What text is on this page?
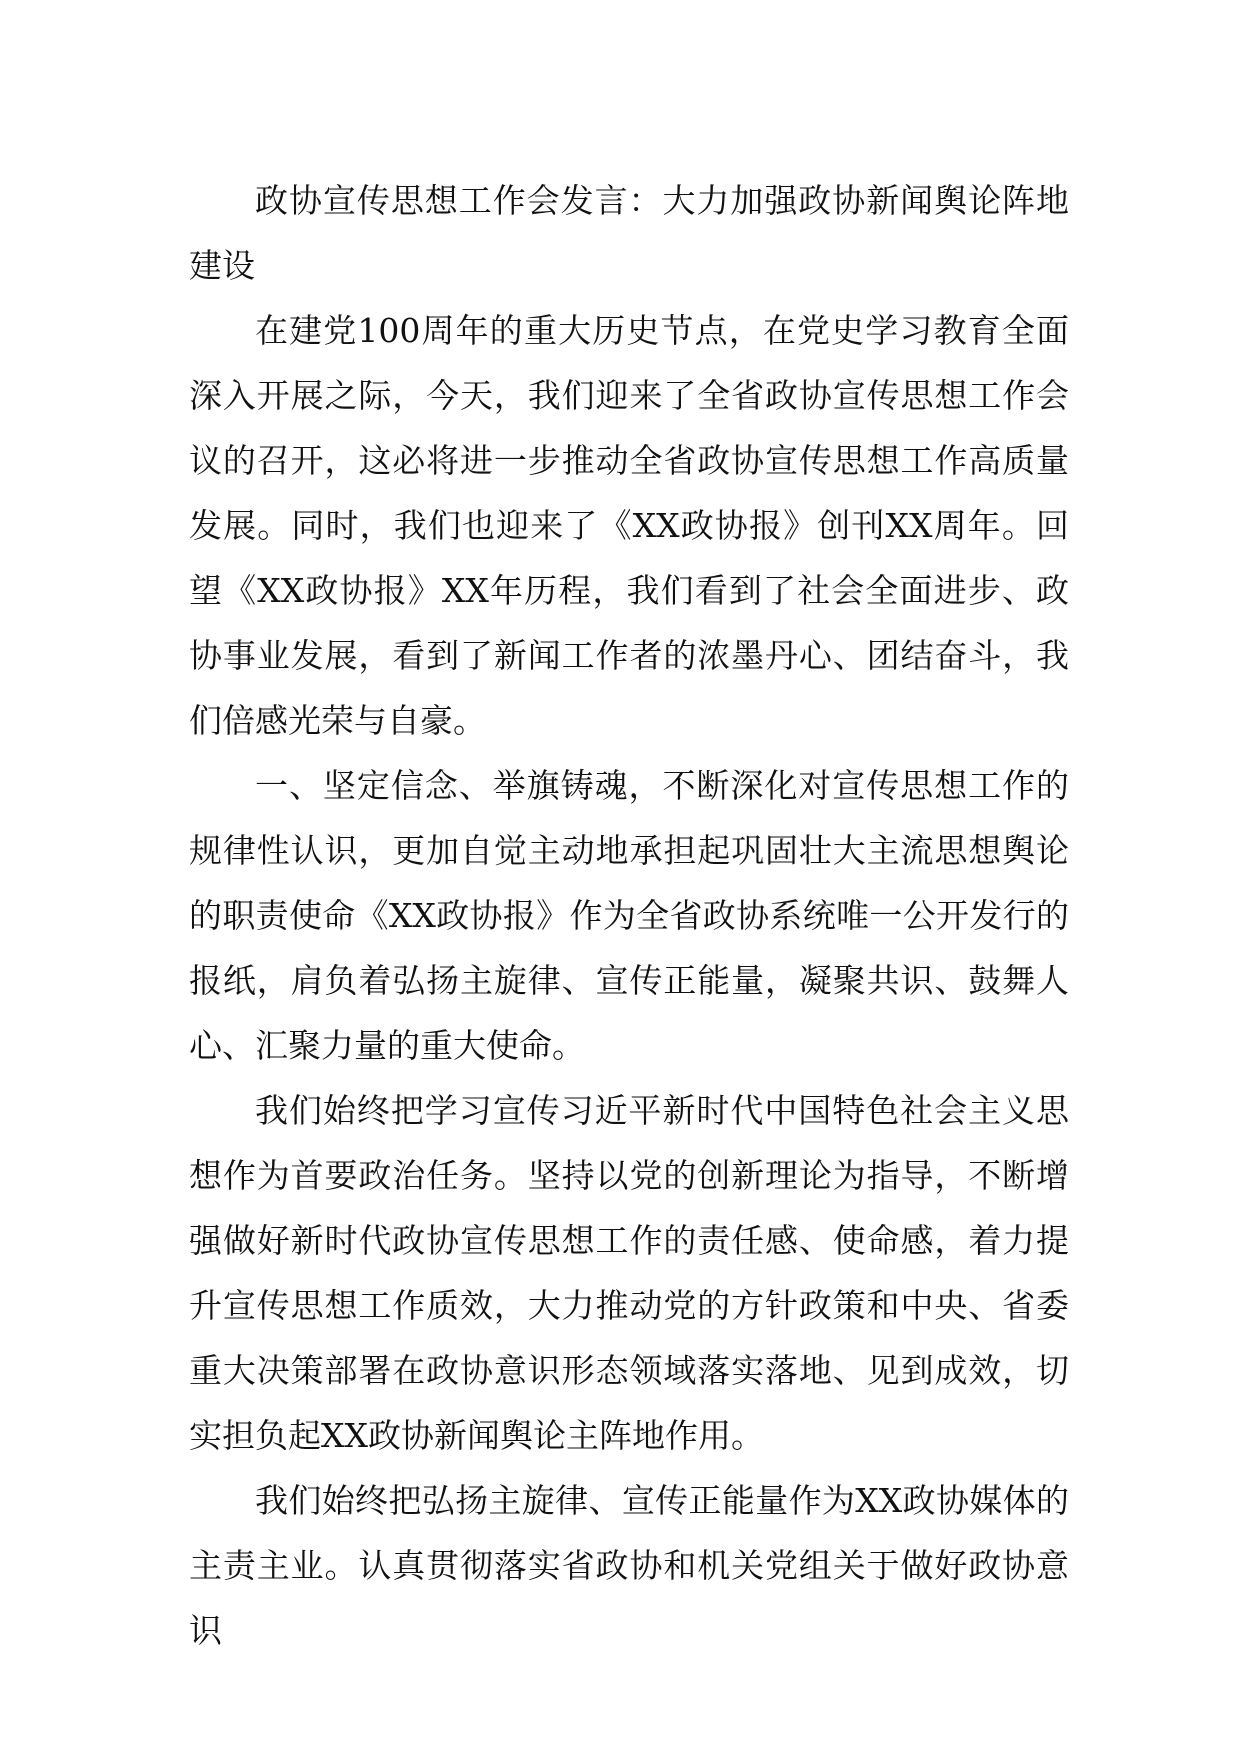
政协宣传思想工作会发言：大力加强政协新闻舆论阵地建设

在建党100周年的重大历史节点，在党史学习教育全面深入开展之际，今天，我们迎来了全省政协宣传思想工作会议的召开，这必将进一步推动全省政协宣传思想工作高质量发展。同时，我们也迎来了《XX政协报》创刊XX周年。回望《XX政协报》XX年历程，我们看到了社会全面进步、政协事业发展，看到了新闻工作者的浓墨丹心、团结奋斗，我们倍感光荣与自豪。

一、坚定信念、举旗铸魂，不断深化对宣传思想工作的规律性认识，更加自觉主动地承担起巩固壮大主流思想舆论的职责使命《XX政协报》作为全省政协系统唯一公开发行的报纸，肩负着弘扬主旋律、宣传正能量，凝聚共识、鼓舞人心、汇聚力量的重大使命。

我们始终把学习宣传习近平新时代中国特色社会主义思想作为首要政治任务。坚持以党的创新理论为指导，不断增强做好新时代政协宣传思想工作的责任感、使命感，着力提升宣传思想工作质效，大力推动党的方针政策和中央、省委重大决策部署在政协意识形态领域落实落地、见到成效，切实担负起XX政协新闻舆论主阵地作用。

我们始终把弘扬主旋律、宣传正能量作为XX政协媒体的主责主业。认真贯彻落实省政协和机关党组关于做好政协意识
